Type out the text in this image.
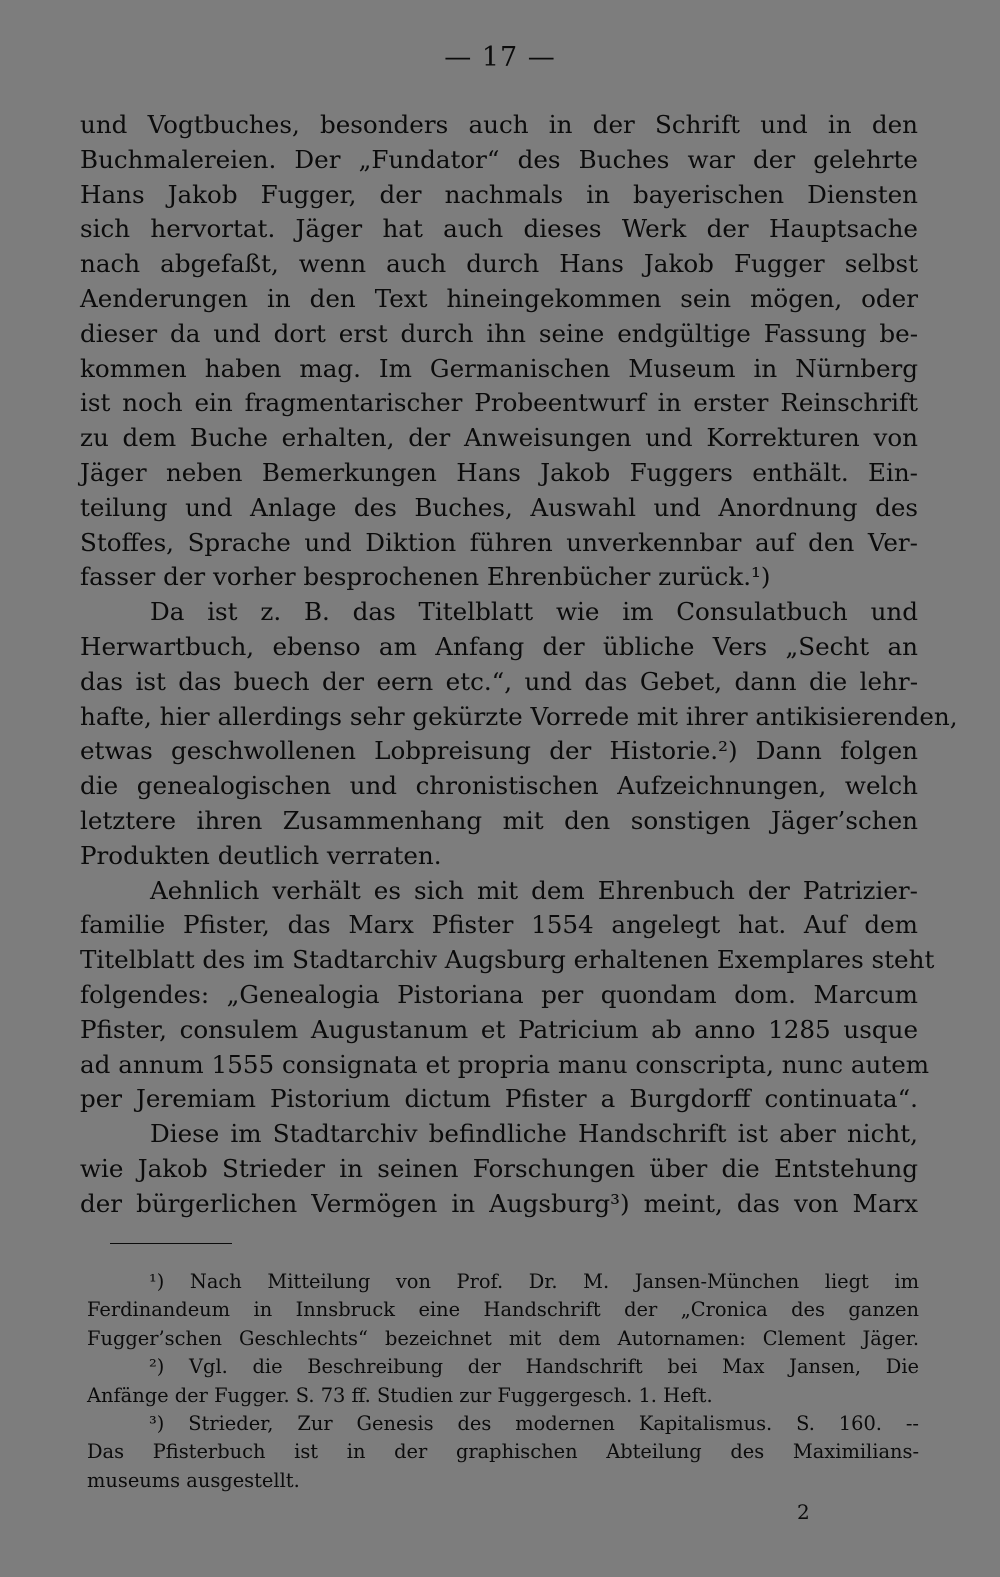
— 17 —
und Vogtbuches, besonders auch in der Schrift und in den
Buchmalereien. Der „Fundator“ des Buches war der gelehrte
Hans Jakob Fugger, der nachmals in bayerischen Diensten
sich hervortat. Jäger hat auch dieses Werk der Hauptsache
nach abgefaßt, wenn auch durch Hans Jakob Fugger selbst
Aenderungen in den Text hineingekommen sein mögen, oder
dieser da und dort erst durch ihn seine endgültige Fassung be-
kommen haben mag. Im Germanischen Museum in Nürnberg
ist noch ein fragmentarischer Probeentwurf in erster Reinschrift
zu dem Buche erhalten, der Anweisungen und Korrekturen von
Jäger neben Bemerkungen Hans Jakob Fuggers enthält. Ein-
teilung und Anlage des Buches, Auswahl und Anordnung des
Stoffes, Sprache und Diktion führen unverkennbar auf den Ver-
fasser der vorher besprochenen Ehrenbücher zurück.¹)
Da ist z. B. das Titelblatt wie im Consulatbuch und
Herwartbuch, ebenso am Anfang der übliche Vers „Secht an
das ist das buech der eern etc.“, und das Gebet, dann die lehr-
hafte, hier allerdings sehr gekürzte Vorrede mit ihrer antikisierenden,
etwas geschwollenen Lobpreisung der Historie.²) Dann folgen
die genealogischen und chronistischen Aufzeichnungen, welch
letztere ihren Zusammenhang mit den sonstigen Jäger’schen
Produkten deutlich verraten.
Aehnlich verhält es sich mit dem Ehrenbuch der Patrizier-
familie Pfister, das Marx Pfister 1554 angelegt hat. Auf dem
Titelblatt des im Stadtarchiv Augsburg erhaltenen Exemplares steht
folgendes: „Genealogia Pistoriana per quondam dom. Marcum
Pfister, consulem Augustanum et Patricium ab anno 1285 usque
ad annum 1555 consignata et propria manu conscripta, nunc autem
per Jeremiam Pistorium dictum Pfister a Burgdorff continuata“.
Diese im Stadtarchiv befindliche Handschrift ist aber nicht,
wie Jakob Strieder in seinen Forschungen über die Entstehung
der bürgerlichen Vermögen in Augsburg³) meint, das von Marx
¹) Nach Mitteilung von Prof. Dr. M. Jansen-München liegt im
Ferdinandeum in Innsbruck eine Handschrift der „Cronica des ganzen
Fugger’schen Geschlechts“ bezeichnet mit dem Autornamen: Clement Jäger.
²) Vgl. die Beschreibung der Handschrift bei Max Jansen, Die
Anfänge der Fugger. S. 73 ff. Studien zur Fuggergesch. 1. Heft.
³) Strieder, Zur Genesis des modernen Kapitalismus. S. 160. --
Das Pfisterbuch ist in der graphischen Abteilung des Maximilians-
museums ausgestellt.
2
